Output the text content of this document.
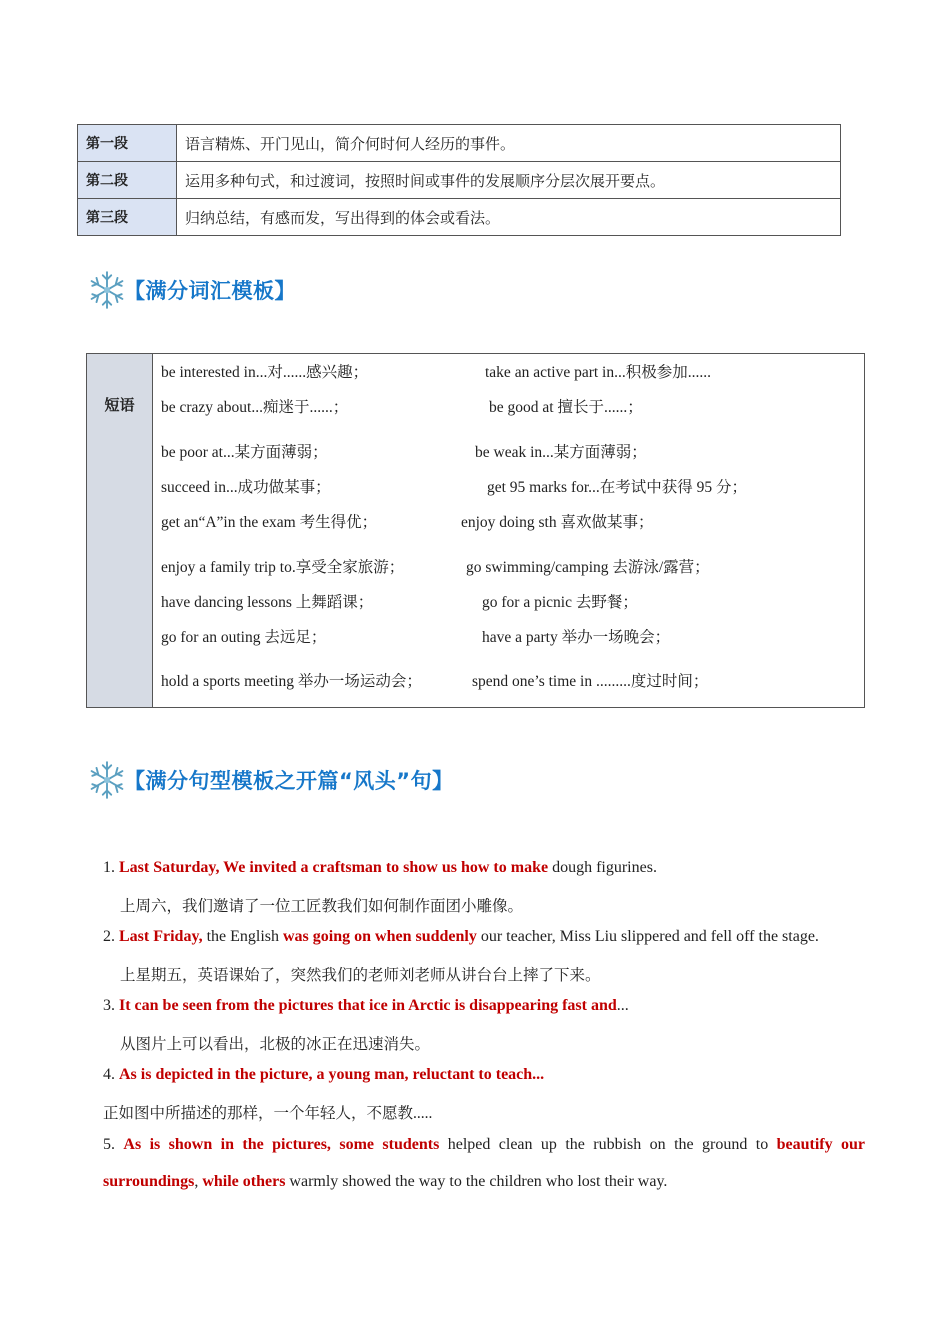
第一段	语言精炼、开门见山，简介何时何人经历的事件。
第二段	运用多种句式，和过渡词，按照时间或事件的发展顺序分层次展开要点。
第三段	归纳总结，有感而发，写出得到的体会或看法。
【满分词汇模板】
短语
be interested in...对......感兴趣；	take an active part in...积极参加......
be crazy about...痴迷于......；	be good at 擅长于......；
be poor at...某方面薄弱；	be weak in...某方面薄弱；
succeed in...成功做某事；	get 95 marks for...在考试中获得 95 分；
get an“A”in the exam 考生得优；	enjoy doing sth 喜欢做某事；
enjoy a family trip to.享受全家旅游；	go swimming/camping 去游泳/露营；
have dancing lessons 上舞蹈课；	go for a picnic 去野餐；
go for an outing 去远足；	have a party 举办一场晚会；
hold a sports meeting 举办一场运动会；	spend one’s time in .........度过时间；
【满分句型模板之开篇“风头”句】
1. Last Saturday, We invited a craftsman to show us how to make dough figurines.
上周六，我们邀请了一位工匠教我们如何制作面团小雕像。
2. Last Friday, the English was going on when suddenly our teacher, Miss Liu slippered and fell off the stage.
上星期五，英语课始了，突然我们的老师刘老师从讲台台上摔了下来。
3. It can be seen from the pictures that ice in Arctic is disappearing fast and...
从图片上可以看出，北极的冰正在迅速消失。
4. As is depicted in the picture, a young man, reluctant to teach...
正如图中所描述的那样，一个年轻人，不愿教.....
5. As is shown in the pictures, some students helped clean up the rubbish on the ground to beautify our
surroundings, while others warmly showed the way to the children who lost their way.
